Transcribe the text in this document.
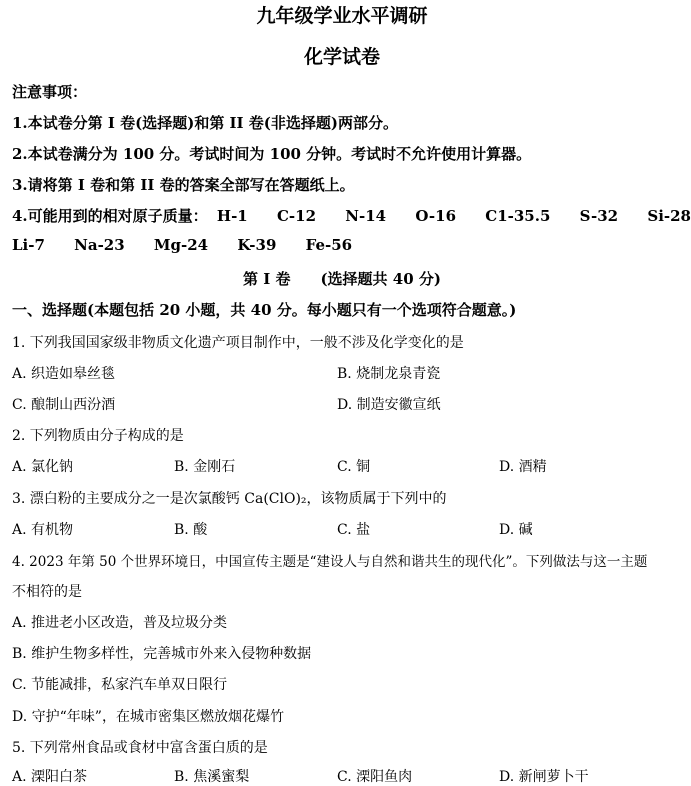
九年级学业水平调研
化学试卷
注意事项：
1.本试卷分第 I 卷(选择题)和第 II 卷(非选择题)两部分。
2.本试卷满分为 100 分。考试时间为 100 分钟。考试时不允许使用计算器。
3.请将第 I 卷和第 II 卷的答案全部写在答题纸上。
4.可能用到的相对原子质量： H-1 C-12 N-14 O-16 C1-35.5 S-32 Si-28
Li-7 Na-23 Mg-24 K-39 Fe-56
第 I 卷　　(选择题共 40 分)
一、选择题(本题包括 20 小题，共 40 分。每小题只有一个选项符合题意。)
1. 下列我国国家级非物质文化遗产项目制作中，一般不涉及化学变化的是
A. 织造如皋丝毯	B. 烧制龙泉青瓷
C. 酿制山西汾酒	D. 制造安徽宣纸
2. 下列物质由分子构成的是
A. 氯化钠	B. 金刚石	C. 铜	D. 酒精
3. 漂白粉的主要成分之一是次氯酸钙 Ca(ClO)₂，该物质属于下列中的
A. 有机物	B. 酸	C. 盐	D. 碱
4. 2023 年第 50 个世界环境日，中国宣传主题是“建设人与自然和谐共生的现代化”。下列做法与这一主题
不相符的是
A. 推进老小区改造，普及垃圾分类
B. 维护生物多样性，完善城市外来入侵物种数据
C. 节能减排，私家汽车单双日限行
D. 守护“年味”，在城市密集区燃放烟花爆竹
5. 下列常州食品或食材中富含蛋白质的是
A. 溧阳白茶	B. 焦溪蜜梨	C. 溧阳鱼肉	D. 新闸萝卜干
